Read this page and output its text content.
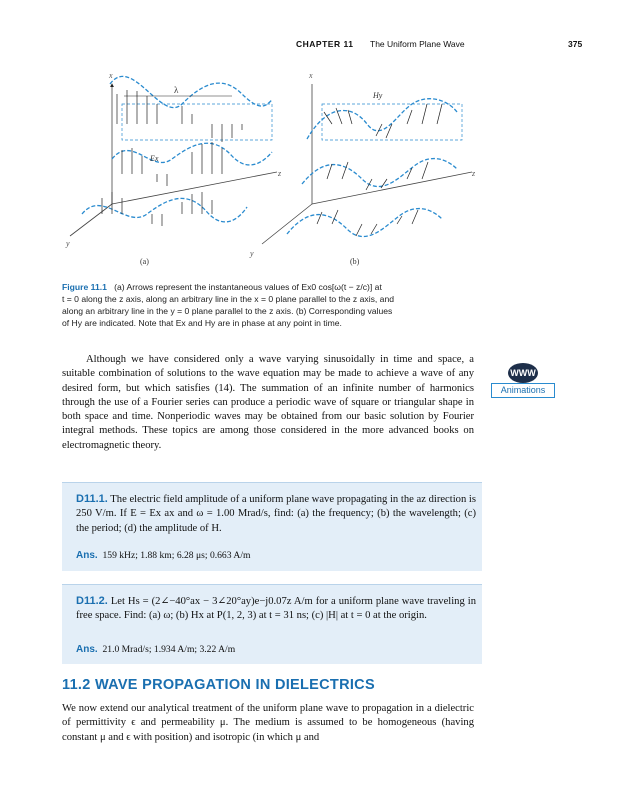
CHAPTER 11 The Uniform Plane Wave	375
x
λ
Ex
z
y
(a)
x
Hy
z
y
(b)
Figure 11.1 (a) Arrows represent the instantaneous values of Ex0 cos[ω(t − z/c)] at
t = 0 along the z axis, along an arbitrary line in the x = 0 plane parallel to the z axis, and
along an arbitrary line in the y = 0 plane parallel to the z axis. (b) Corresponding values
of Hy are indicated. Note that Ex and Hy are in phase at any point in time.
Although we have considered only a wave varying sinusoidally in time and space, a suitable combination of solutions to the wave equation may be made to achieve a wave of any desired form, but which satisfies (14). The summation of an infinite number of harmonics through the use of a Fourier series can produce a periodic wave of square or triangular shape in both space and time. Nonperiodic waves may be obtained from our basic solution by Fourier integral methods. These topics are among those considered in the more advanced books on electromagnetic theory.
WWW
Animations
D11.1. The electric field amplitude of a uniform plane wave propagating in the az direction is 250 V/m. If E = Ex ax and ω = 1.00 Mrad/s, find: (a) the frequency; (b) the wavelength; (c) the period; (d) the amplitude of H.
Ans. 159 kHz; 1.88 km; 6.28 μs; 0.663 A/m
D11.2. Let Hs = (2∠−40°ax − 3∠20°ay)e−j0.07z A/m for a uniform plane wave traveling in free space. Find: (a) ω; (b) Hx at P(1, 2, 3) at t = 31 ns; (c) |H| at t = 0 at the origin.
Ans. 21.0 Mrad/s; 1.934 A/m; 3.22 A/m
11.2 WAVE PROPAGATION IN DIELECTRICS
We now extend our analytical treatment of the uniform plane wave to propagation in a dielectric of permittivity ϵ and permeability μ. The medium is assumed to be homogeneous (having constant μ and ϵ with position) and isotropic (in which μ and
